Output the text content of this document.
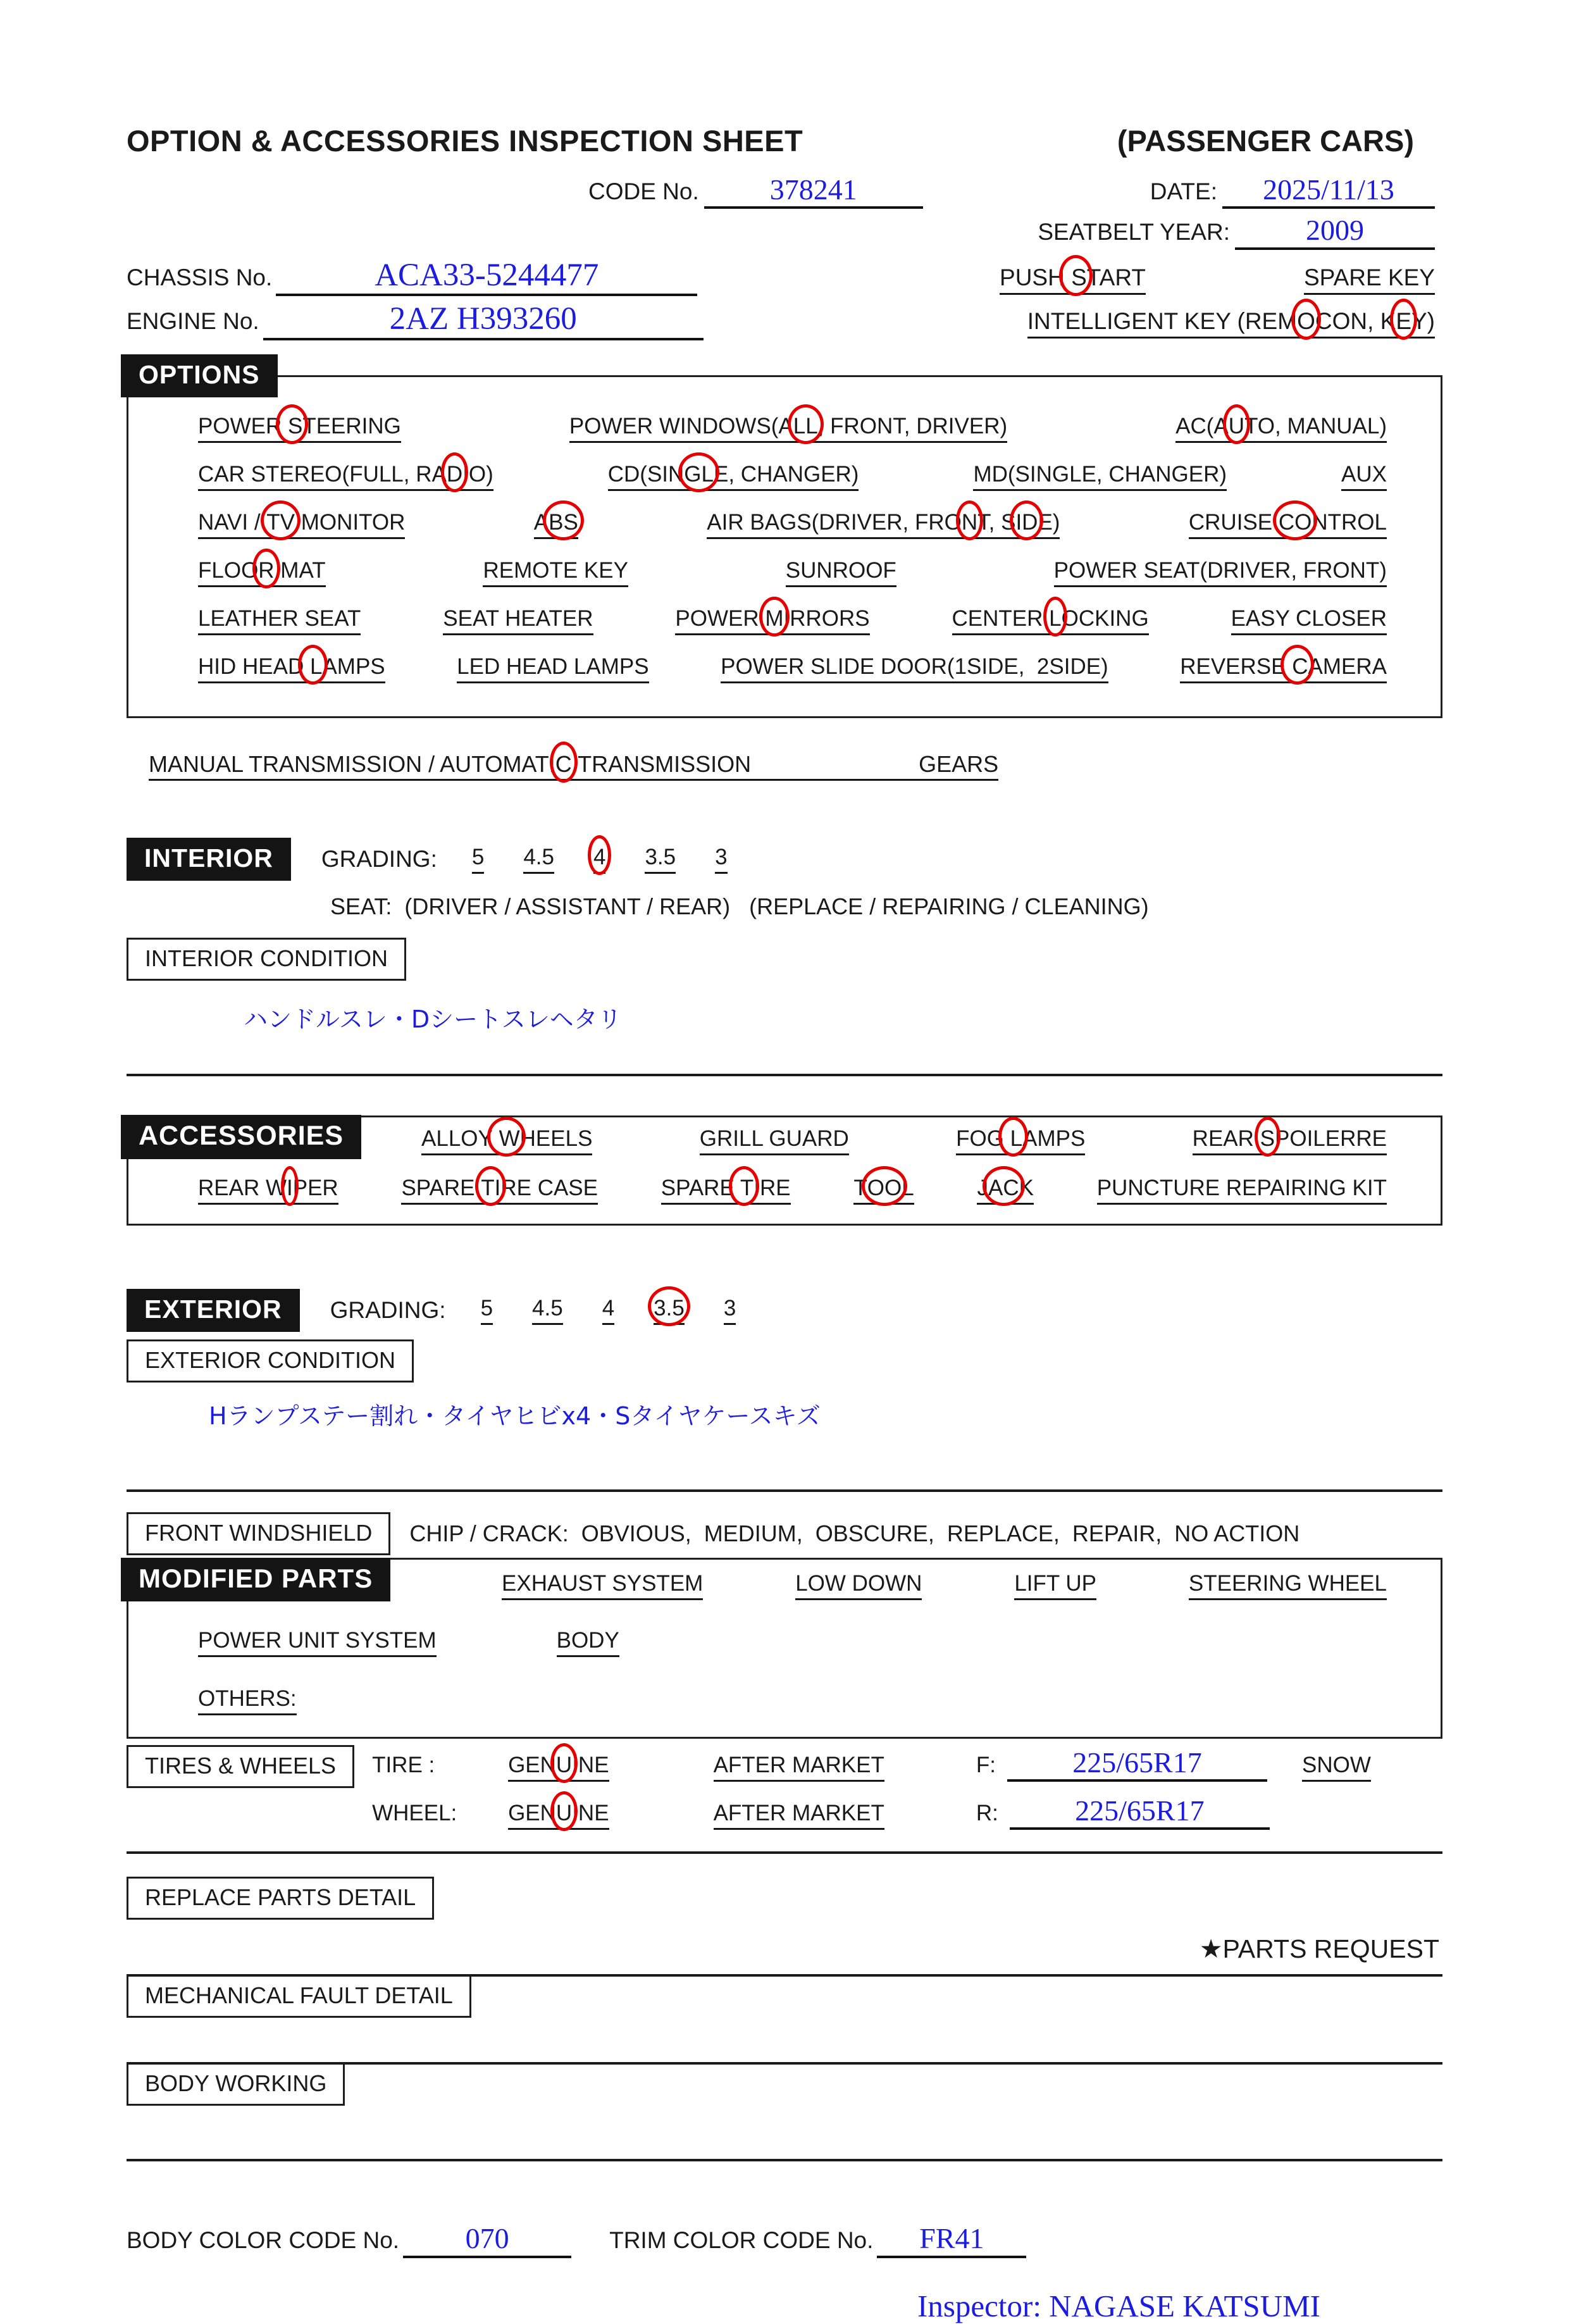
OPTION & ACCESSORIES INSPECTION SHEET	(PASSENGER CARS)
CODE No.	378241	DATE:	2025/11/13
SEATBELT YEAR:	2009
CHASSIS No.	ACA33-5244477	PUSH START	SPARE KEY
ENGINE No.	2AZ H393260	INTELLIGENT KEY (REMOCON, KEY)
OPTIONS
POWER STEERING	POWER WINDOWS(ALL, FRONT, DRIVER)	AC(AUTO, MANUAL)
CAR STEREO(FULL, RADIO)	CD(SINGLE, CHANGER)	MD(SINGLE, CHANGER)	AUX
NAVI / TV MONITOR	ABS	AIR BAGS(DRIVER, FRONT, SIDE)	CRUISE CONTROL
FLOOR MAT	REMOTE KEY	SUNROOF	POWER SEAT(DRIVER, FRONT)
LEATHER SEAT	SEAT HEATER	POWER MIRRORS	CENTER LOCKING	EASY CLOSER
HID HEAD LAMPS	LED HEAD LAMPS	POWER SLIDE DOOR(1SIDE,  2SIDE)	REVERSE CAMERA
MANUAL TRANSMISSION / AUTOMATIC TRANSMISSION	GEARS
INTERIOR	GRADING: 5 4.5 4 3.5 3
SEAT:  (DRIVER / ASSISTANT / REAR)   (REPLACE / REPAIRING / CLEANING)
INTERIOR CONDITION
ハンドルスレ・Dシートスレヘタリ
ACCESSORIES	ALLOY WHEELS	GRILL GUARD	FOG LAMPS	REAR SPOILERRE
REAR WIPER	SPARE TIRE CASE	SPARE TIRE	TOOL	JACK	PUNCTURE REPAIRING KIT
EXTERIOR	GRADING: 5 4.5 4 3.5 3
EXTERIOR CONDITION
Hランプステー割れ・タイヤヒビx4・Sタイヤケースキズ
FRONT WINDSHIELD	CHIP / CRACK:  OBVIOUS,  MEDIUM,  OBSCURE,  REPLACE,  REPAIR,  NO ACTION
MODIFIED PARTS	EXHAUST SYSTEM	LOW DOWN	LIFT UP	STEERING WHEEL
POWER UNIT SYSTEM	BODY
OTHERS:
TIRES & WHEELS	TIRE :	GENUINE	AFTER MARKET	F:	225/65R17	SNOW
WHEEL:	GENUINE	AFTER MARKET	R:	225/65R17
REPLACE PARTS DETAIL
★PARTS REQUEST
MECHANICAL FAULT DETAIL
BODY WORKING
BODY COLOR CODE No.	070	TRIM COLOR CODE No.	FR41
Inspector: NAGASE KATSUMI
